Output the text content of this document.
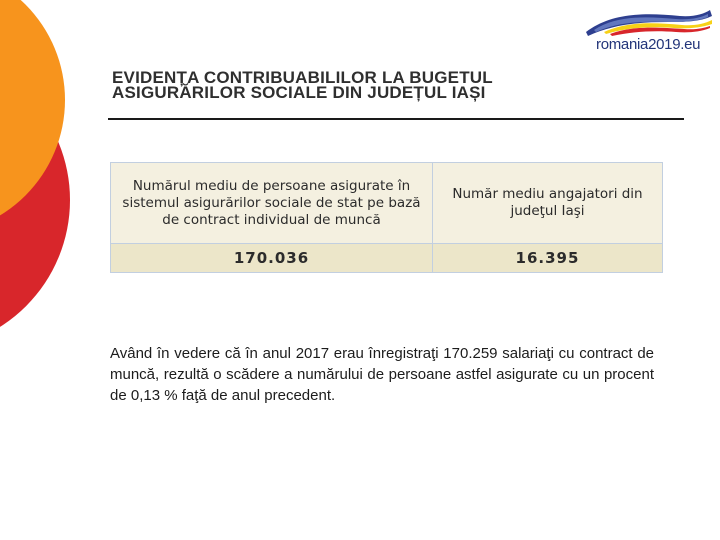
romania2019.eu
EVIDENȚA CONTRIBUABILILOR LA BUGETUL
ASIGURĂRILOR SOCIALE DIN JUDEȚUL IAȘI
Numărul mediu de persoane asigurate în sistemul asigurărilor sociale de stat pe bază de contract individual de muncă	Număr mediu angajatori din judeţul Iaşi
170.036	16.395
Având în vedere că în anul 2017 erau înregistraţi 170.259 salariaţi cu contract de muncă, rezultă o scădere a numărului de persoane astfel asigurate cu un procent de 0,13 % faţă de anul precedent.
